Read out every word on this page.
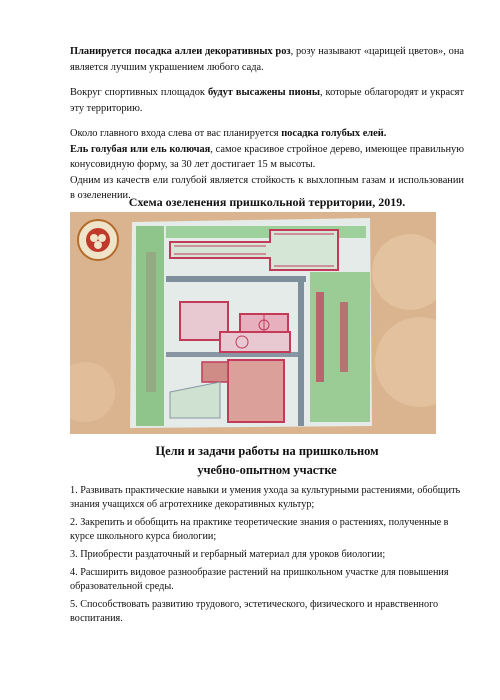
Планируется посадка аллеи декоративных роз, розу называют «царицей цветов», она является лучшим украшением любого сада.

Вокруг спортивных площадок будут высажены пионы, которые облагородят и украсят эту территорию.

Около главного входа слева от вас планируется посадка голубых елей.

Ель голубая или ель колючая, самое красивое стройное дерево, имеющее правильную конусовидную форму, за 30 лет достигает 15 м высоты.

Одним из качеств ели голубой является стойкость к выхлопным газам и использовании в озеленении.

Схема озеленения пришкольной территории, 2019.
Цели и задачи работы на пришкольном
учебно-опытном участке

1. Развивать практические навыки и умения ухода за культурными растениями, обобщить знания учащихся об агротехнике декоративных культур;

2. Закрепить и обобщить на практике теоретические знания о растениях, полученные в курсе школьного курса биологии;

3. Приобрести раздаточный и гербарный материал для уроков биологии;

4. Расширить видовое разнообразие растений на пришкольном участке для повышения образовательной среды.

5. Способствовать развитию трудового, эстетического, физического и нравственного воспитания.
